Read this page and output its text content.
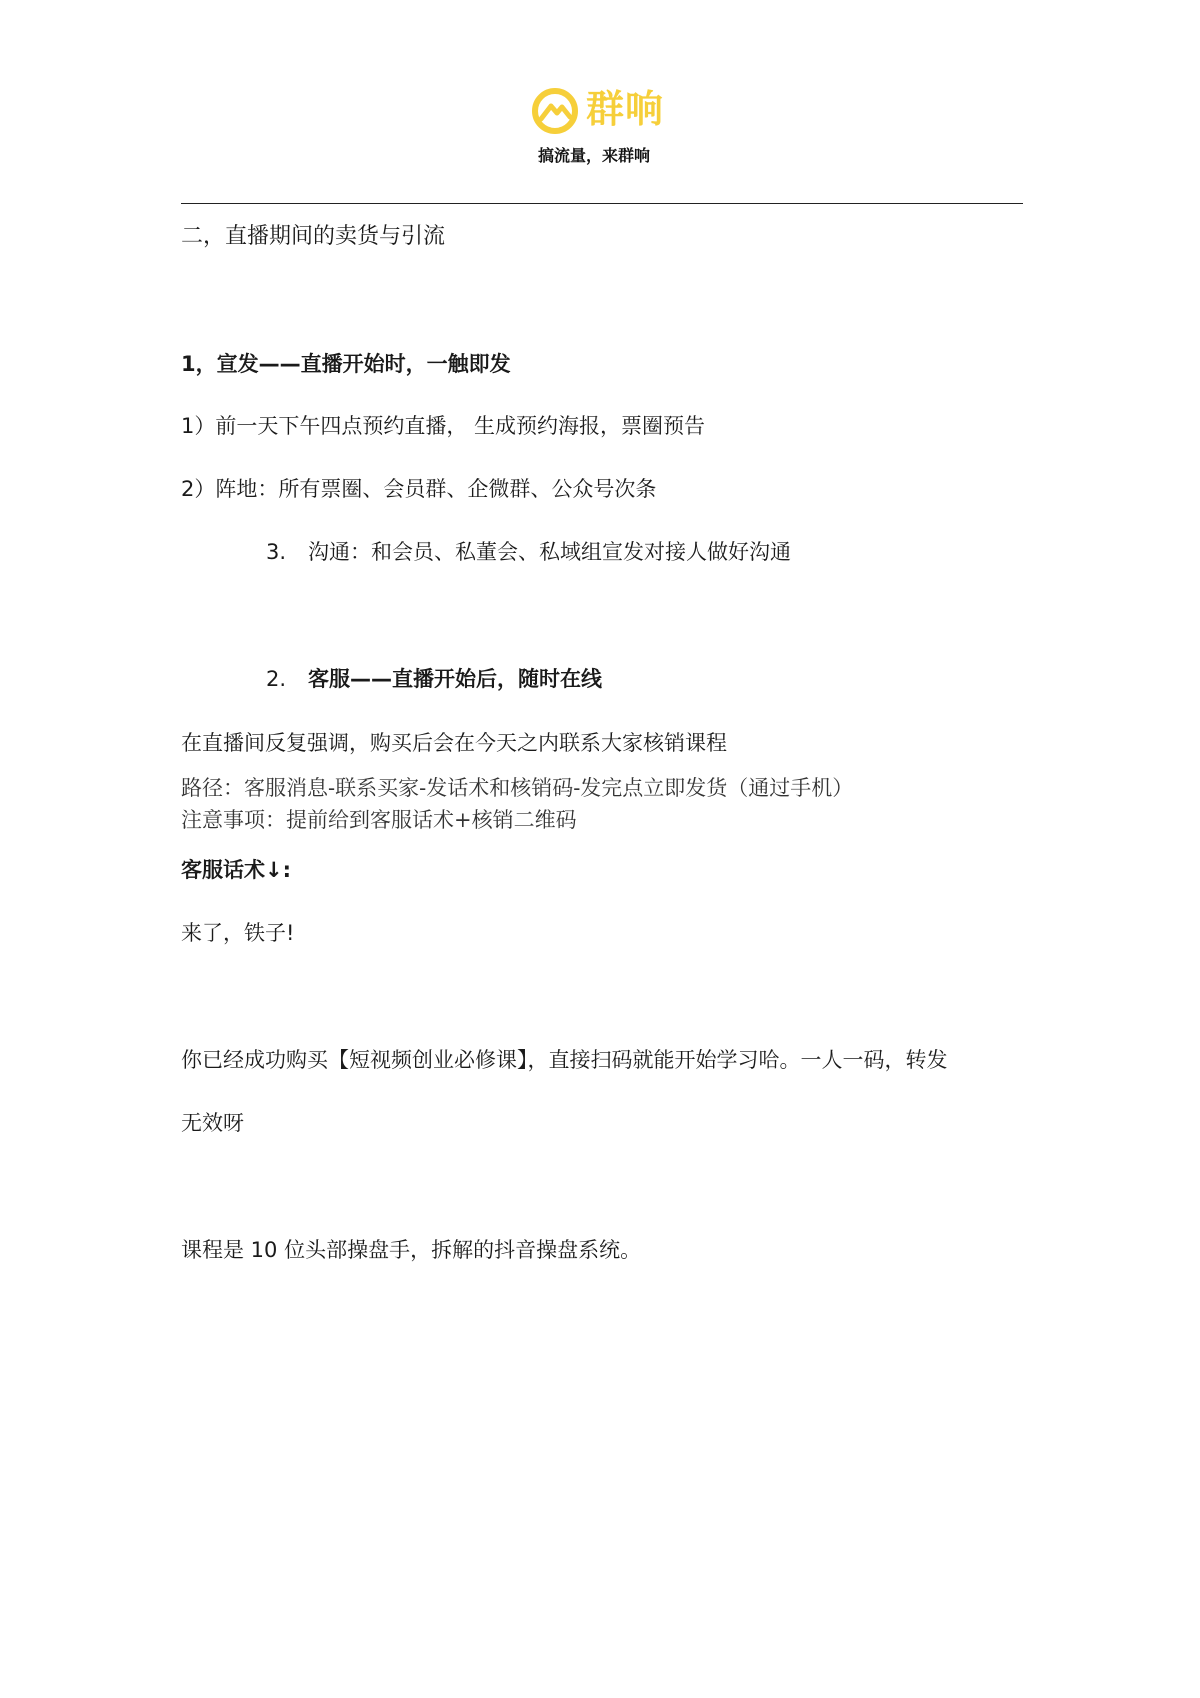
群响
搞流量，来群响
二，直播期间的卖货与引流
1，宣发——直播开始时，一触即发
1）前一天下午四点预约直播， 生成预约海报，票圈预告
2）阵地：所有票圈、会员群、企微群、公众号次条
3. 沟通：和会员、私董会、私域组宣发对接人做好沟通
2. 客服——直播开始后，随时在线
在直播间反复强调，购买后会在今天之内联系大家核销课程
路径：客服消息-联系买家-发话术和核销码-发完点立即发货（通过手机）
注意事项：提前给到客服话术+核销二维码
客服话术↓:
来了，铁子!
你已经成功购买【短视频创业必修课】，直接扫码就能开始学习哈。一人一码，转发
无效呀
课程是 10 位头部操盘手，拆解的抖音操盘系统。
